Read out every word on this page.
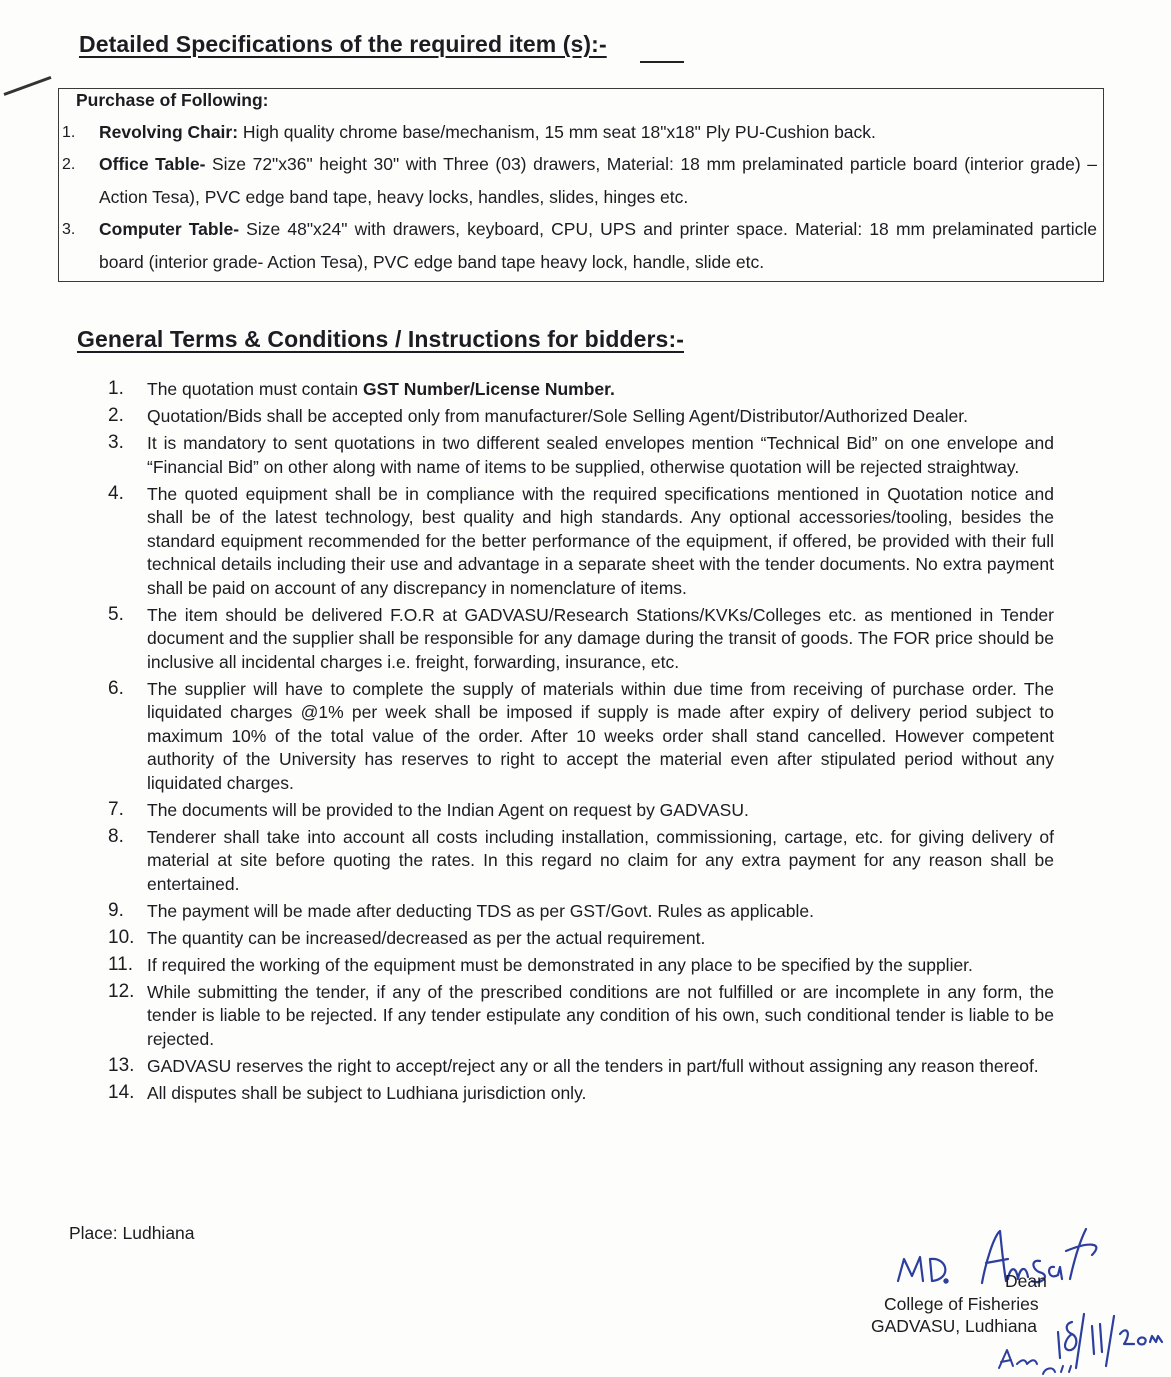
Detailed Specifications of the required item (s):-
Purchase of Following:
1. Revolving Chair: High quality chrome base/mechanism, 15 mm seat 18"x18" Ply PU-Cushion back.
2. Office Table- Size 72"x36" height 30" with Three (03) drawers, Material: 18 mm prelaminated particle board (interior grade) – Action Tesa), PVC edge band tape, heavy locks, handles, slides, hinges etc.
3. Computer Table- Size 48"x24" with drawers, keyboard, CPU, UPS and printer space. Material: 18 mm prelaminated particle board (interior grade- Action Tesa), PVC edge band tape heavy lock, handle, slide etc.
General Terms & Conditions / Instructions for bidders:-
1. The quotation must contain GST Number/License Number.
2. Quotation/Bids shall be accepted only from manufacturer/Sole Selling Agent/Distributor/Authorized Dealer.
3. It is mandatory to sent quotations in two different sealed envelopes mention “Technical Bid” on one envelope and “Financial Bid” on other along with name of items to be supplied, otherwise quotation will be rejected straightway.
4. The quoted equipment shall be in compliance with the required specifications mentioned in Quotation notice and shall be of the latest technology, best quality and high standards. Any optional accessories/tooling, besides the standard equipment recommended for the better performance of the equipment, if offered, be provided with their full technical details including their use and advantage in a separate sheet with the tender documents. No extra payment shall be paid on account of any discrepancy in nomenclature of items.
5. The item should be delivered F.O.R at GADVASU/Research Stations/KVKs/Colleges etc. as mentioned in Tender document and the supplier shall be responsible for any damage during the transit of goods. The FOR price should be inclusive all incidental charges i.e. freight, forwarding, insurance, etc.
6. The supplier will have to complete the supply of materials within due time from receiving of purchase order. The liquidated charges @1% per week shall be imposed if supply is made after expiry of delivery period subject to maximum 10% of the total value of the order. After 10 weeks order shall stand cancelled. However competent authority of the University has reserves to right to accept the material even after stipulated period without any liquidated charges.
7. The documents will be provided to the Indian Agent on request by GADVASU.
8. Tenderer shall take into account all costs including installation, commissioning, cartage, etc. for giving delivery of material at site before quoting the rates. In this regard no claim for any extra payment for any reason shall be entertained.
9. The payment will be made after deducting TDS as per GST/Govt. Rules as applicable.
10. The quantity can be increased/decreased as per the actual requirement.
11. If required the working of the equipment must be demonstrated in any place to be specified by the supplier.
12. While submitting the tender, if any of the prescribed conditions are not fulfilled or are incomplete in any form, the tender is liable to be rejected. If any tender estipulate any condition of his own, such conditional tender is liable to be rejected.
13. GADVASU reserves the right to accept/reject any or all the tenders in part/full without assigning any reason thereof.
14. All disputes shall be subject to Ludhiana jurisdiction only.
Place: Ludhiana
Dean
College of Fisheries
GADVASU, Ludhiana
